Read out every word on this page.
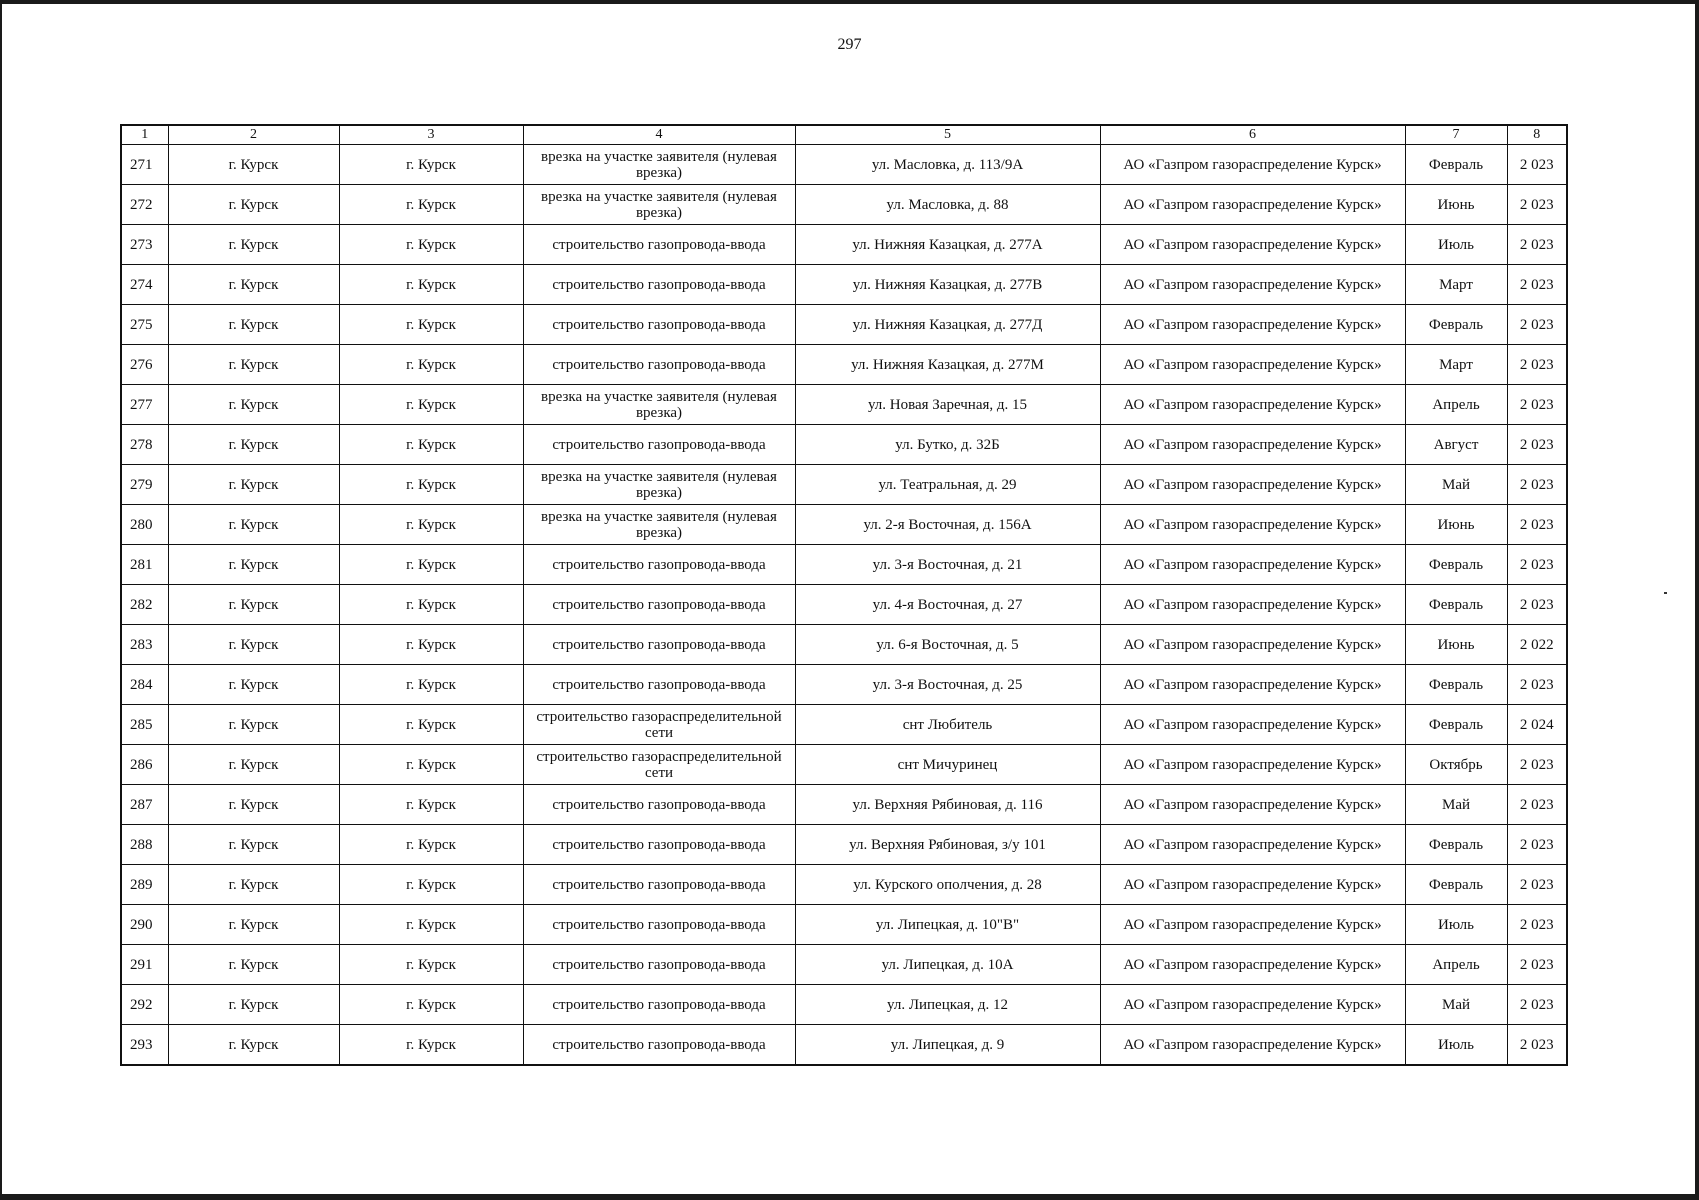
297
1	2	3	4	5	6	7	8
271	г. Курск	г. Курск	врезка на участке заявителя (нулевая врезка)	ул. Масловка, д. 113/9А	АО «Газпром газораспределение Курск»	Февраль	2 023
272	г. Курск	г. Курск	врезка на участке заявителя (нулевая врезка)	ул. Масловка, д. 88	АО «Газпром газораспределение Курск»	Июнь	2 023
273	г. Курск	г. Курск	строительство газопровода-ввода	ул. Нижняя Казацкая, д. 277А	АО «Газпром газораспределение Курск»	Июль	2 023
274	г. Курск	г. Курск	строительство газопровода-ввода	ул. Нижняя Казацкая, д. 277В	АО «Газпром газораспределение Курск»	Март	2 023
275	г. Курск	г. Курск	строительство газопровода-ввода	ул. Нижняя Казацкая, д. 277Д	АО «Газпром газораспределение Курск»	Февраль	2 023
276	г. Курск	г. Курск	строительство газопровода-ввода	ул. Нижняя Казацкая, д. 277М	АО «Газпром газораспределение Курск»	Март	2 023
277	г. Курск	г. Курск	врезка на участке заявителя (нулевая врезка)	ул. Новая Заречная, д. 15	АО «Газпром газораспределение Курск»	Апрель	2 023
278	г. Курск	г. Курск	строительство газопровода-ввода	ул. Бутко, д. 32Б	АО «Газпром газораспределение Курск»	Август	2 023
279	г. Курск	г. Курск	врезка на участке заявителя (нулевая врезка)	ул. Театральная, д. 29	АО «Газпром газораспределение Курск»	Май	2 023
280	г. Курск	г. Курск	врезка на участке заявителя (нулевая врезка)	ул. 2-я Восточная, д. 156А	АО «Газпром газораспределение Курск»	Июнь	2 023
281	г. Курск	г. Курск	строительство газопровода-ввода	ул. 3-я Восточная, д. 21	АО «Газпром газораспределение Курск»	Февраль	2 023
282	г. Курск	г. Курск	строительство газопровода-ввода	ул. 4-я Восточная, д. 27	АО «Газпром газораспределение Курск»	Февраль	2 023
283	г. Курск	г. Курск	строительство газопровода-ввода	ул. 6-я Восточная, д. 5	АО «Газпром газораспределение Курск»	Июнь	2 022
284	г. Курск	г. Курск	строительство газопровода-ввода	ул. 3-я Восточная, д. 25	АО «Газпром газораспределение Курск»	Февраль	2 023
285	г. Курск	г. Курск	строительство газораспределительной сети	снт Любитель	АО «Газпром газораспределение Курск»	Февраль	2 024
286	г. Курск	г. Курск	строительство газораспределительной сети	снт Мичуринец	АО «Газпром газораспределение Курск»	Октябрь	2 023
287	г. Курск	г. Курск	строительство газопровода-ввода	ул. Верхняя Рябиновая, д. 116	АО «Газпром газораспределение Курск»	Май	2 023
288	г. Курск	г. Курск	строительство газопровода-ввода	ул. Верхняя Рябиновая, з/у 101	АО «Газпром газораспределение Курск»	Февраль	2 023
289	г. Курск	г. Курск	строительство газопровода-ввода	ул. Курского ополчения, д. 28	АО «Газпром газораспределение Курск»	Февраль	2 023
290	г. Курск	г. Курск	строительство газопровода-ввода	ул. Липецкая, д. 10"В"	АО «Газпром газораспределение Курск»	Июль	2 023
291	г. Курск	г. Курск	строительство газопровода-ввода	ул. Липецкая, д. 10А	АО «Газпром газораспределение Курск»	Апрель	2 023
292	г. Курск	г. Курск	строительство газопровода-ввода	ул. Липецкая, д. 12	АО «Газпром газораспределение Курск»	Май	2 023
293	г. Курск	г. Курск	строительство газопровода-ввода	ул. Липецкая, д. 9	АО «Газпром газораспределение Курск»	Июль	2 023
